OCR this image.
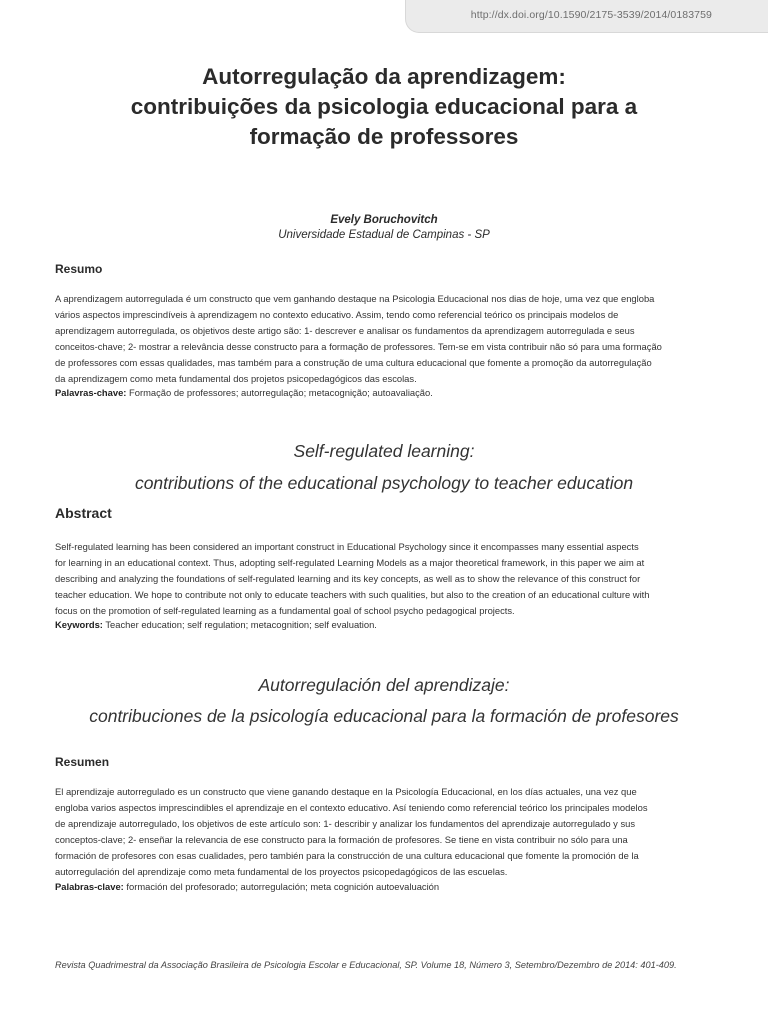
http://dx.doi.org/10.1590/2175-3539/2014/0183759
Autorregulação da aprendizagem:
contribuições da psicologia educacional para a
formação de professores
Evely Boruchovitch
Universidade Estadual de Campinas - SP
Resumo
A aprendizagem autorregulada é um constructo que vem ganhando destaque na Psicologia Educacional nos dias de hoje, uma vez que engloba
vários aspectos imprescindíveis à aprendizagem no contexto educativo. Assim, tendo como referencial teórico os principais modelos de
aprendizagem autorregulada, os objetivos deste artigo são: 1- descrever e analisar os fundamentos da aprendizagem autorregulada e seus
conceitos-chave; 2- mostrar a relevância desse constructo para a formação de professores. Tem-se em vista contribuir não só para uma formação
de professores com essas qualidades, mas também para a construção de uma cultura educacional que fomente a promoção da autorregulação
da aprendizagem como meta fundamental dos projetos psicopedagógicos das escolas.
Palavras-chave: Formação de professores; autorregulação; metacognição; autoavaliação.
Self-regulated learning:
contributions of the educational psychology to teacher education
Abstract
Self-regulated learning has been considered an important construct in Educational Psychology since it encompasses many essential aspects
for learning in an educational context. Thus, adopting self-regulated Learning Models as a major theoretical framework, in this paper we aim at
describing and analyzing the foundations of self-regulated learning and its key concepts, as well as to show the relevance of this construct for
teacher education. We hope to contribute not only to educate teachers with such qualities, but also to the creation of an educational culture with
focus on the promotion of self-regulated learning as a fundamental goal of school psycho pedagogical projects.
Keywords: Teacher education; self regulation; metacognition; self evaluation.
Autorregulación del aprendizaje:
contribuciones de la psicología educacional para la formación de profesores
Resumen
El aprendizaje autorregulado es un constructo que viene ganando destaque en la Psicología Educacional, en los días actuales, una vez que
engloba varios aspectos imprescindibles el aprendizaje en el contexto educativo. Así teniendo como referencial teórico los principales modelos
de aprendizaje autorregulado, los objetivos de este artículo son: 1- describir y analizar los fundamentos del aprendizaje autorregulado y sus
conceptos-clave; 2- enseñar la relevancia de ese constructo para la formación de profesores. Se tiene en vista contribuir no sólo para una
formación de profesores con esas cualidades, pero también para la construcción de una cultura educacional que fomente la promoción de la
autorregulación del aprendizaje como meta fundamental de los proyectos psicopedagógicos de las escuelas.
Palabras-clave: formación del profesorado; autorregulación; meta cognición autoevaluación
Revista Quadrimestral da Associação Brasileira de Psicologia Escolar e Educacional, SP. Volume 18, Número 3, Setembro/Dezembro de 2014: 401-409.
